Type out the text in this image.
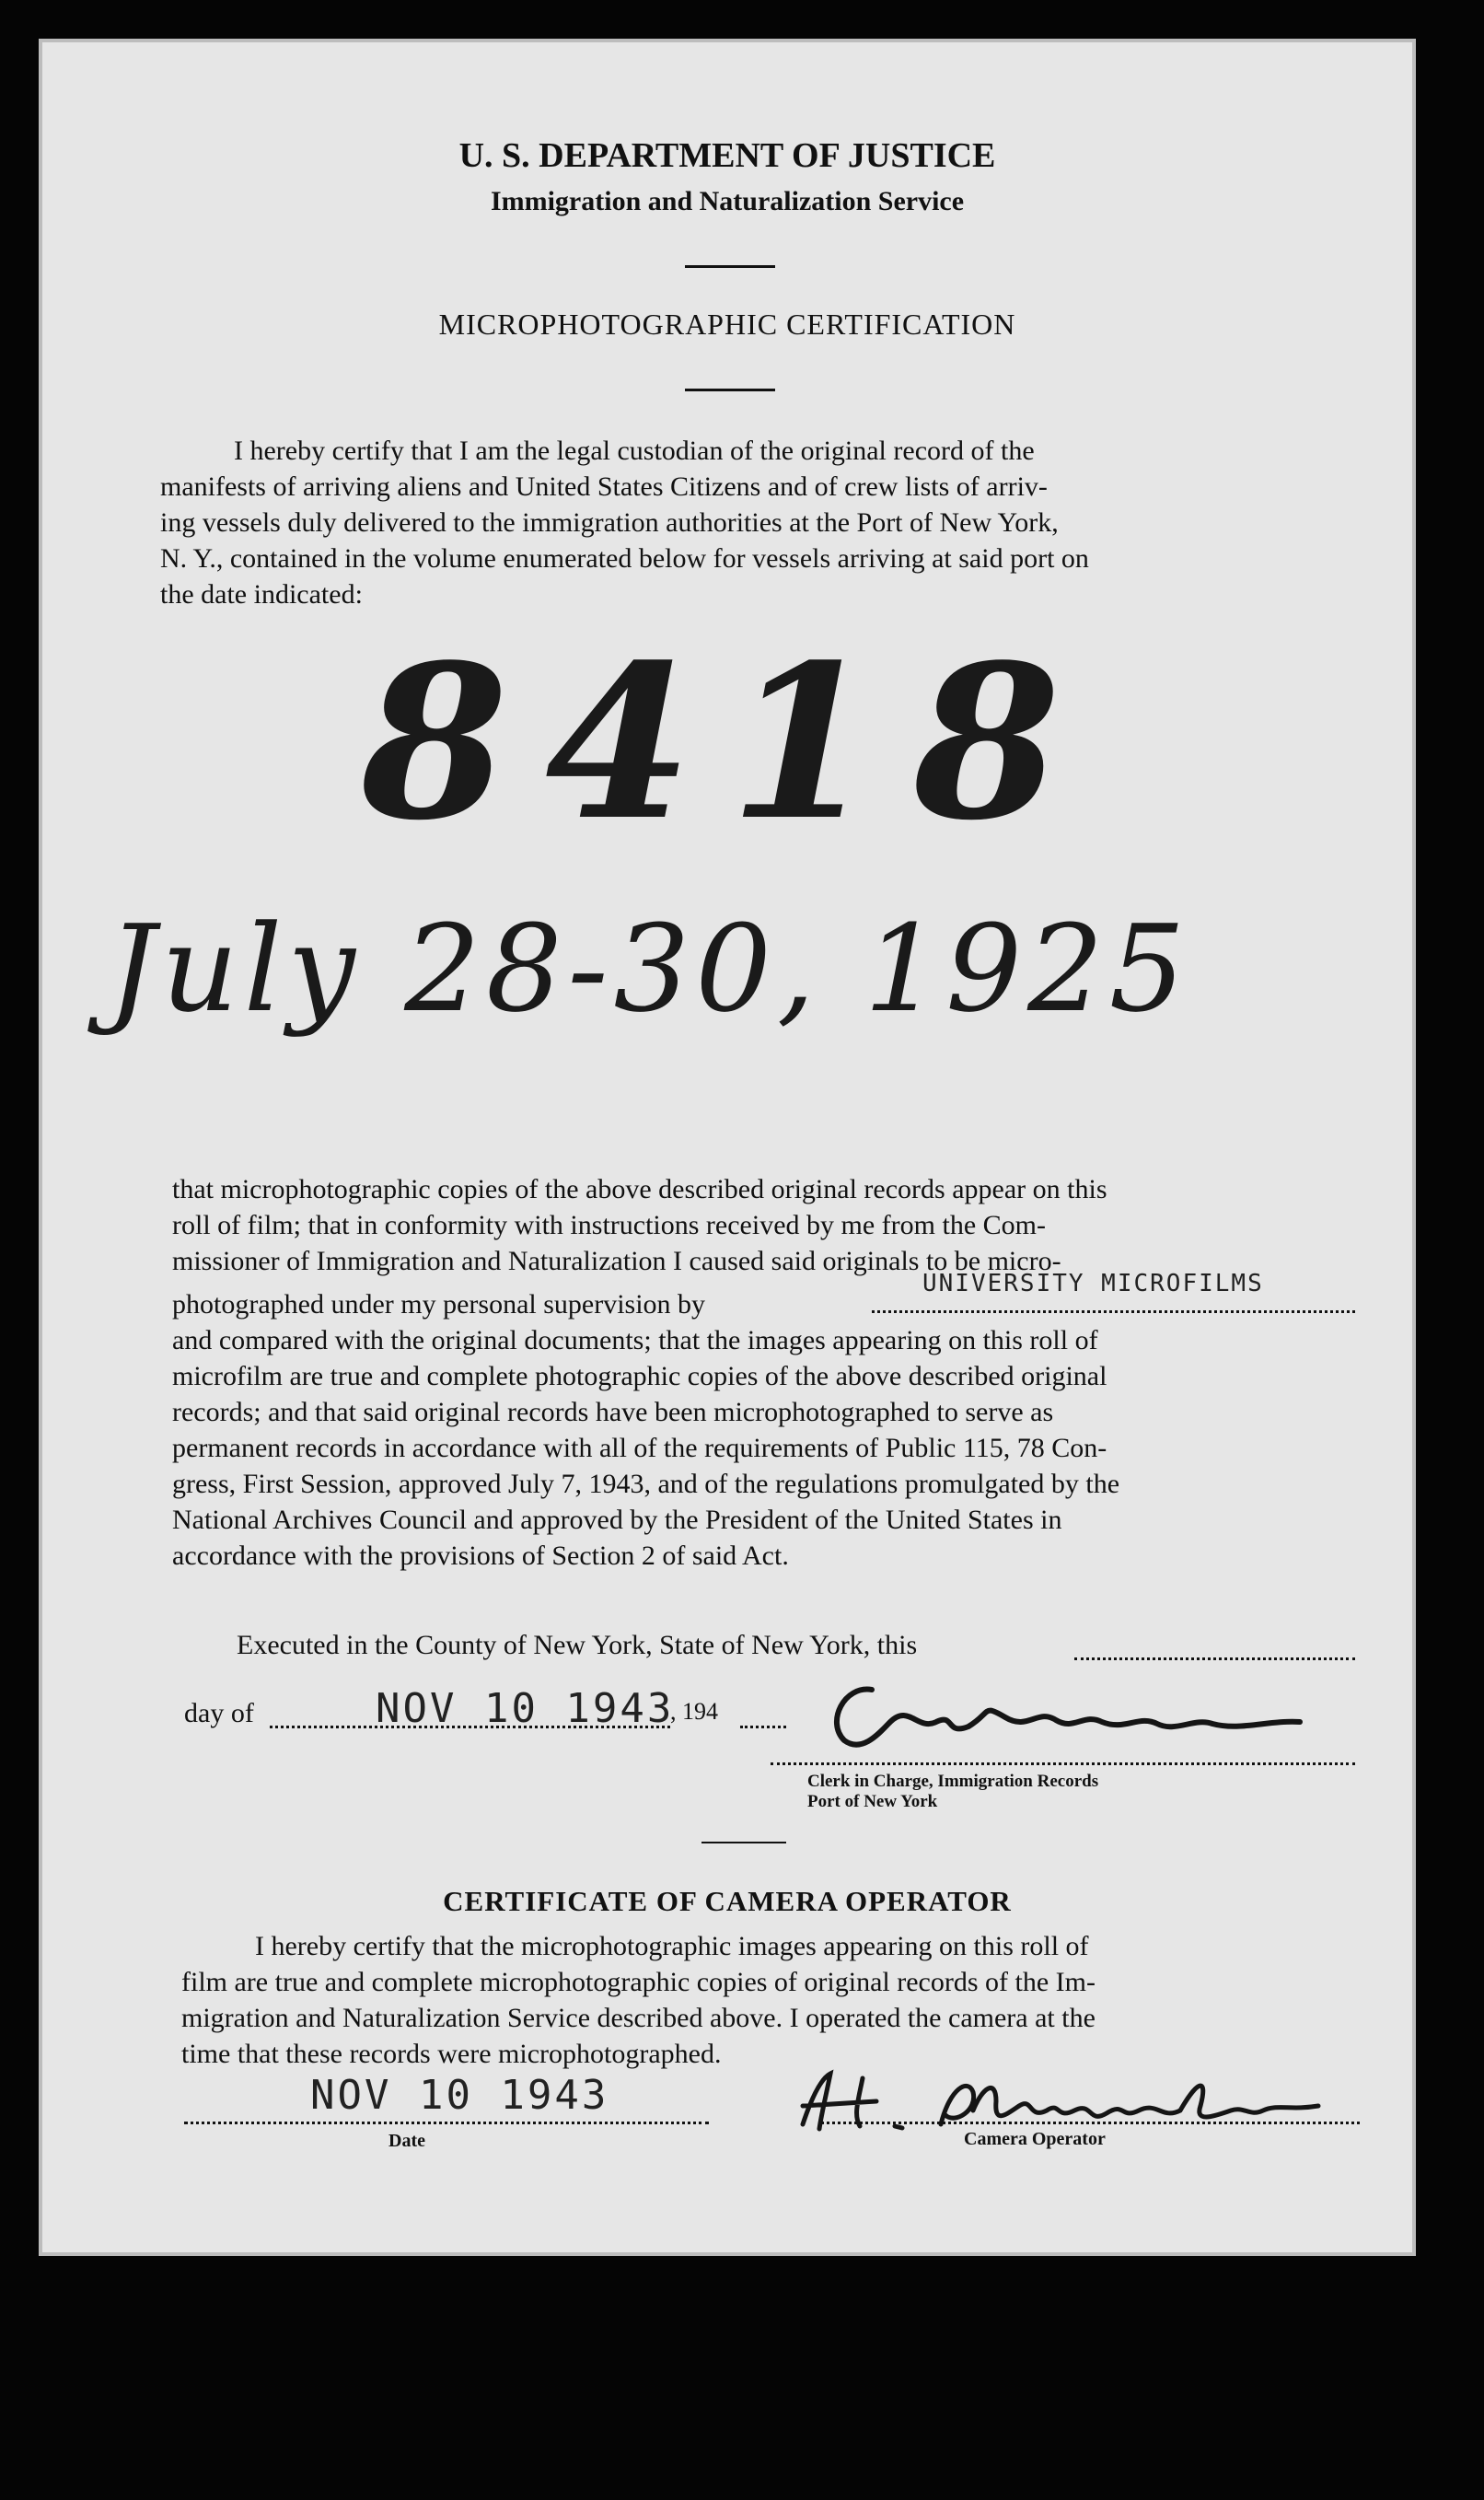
U. S. DEPARTMENT OF JUSTICE
Immigration and Naturalization Service
MICROPHOTOGRAPHIC CERTIFICATION

I hereby certify that I am the legal custodian of the original record of the

manifests of arriving aliens and United States Citizens and of crew lists of arriv-

ing vessels duly delivered to the immigration authorities at the Port of New York,

N. Y., contained in the volume enumerated below for vessels arriving at said port on

the date indicated:

8418
July 28-30, 1925

that microphotographic copies of the above described original records appear on this

roll of film; that in conformity with instructions received by me from the Com-

missioner of Immigration and Naturalization I caused said originals to be micro-

photographed under my personal supervision by
UNIVERSITY MICROFILMS

and compared with the original documents; that the images appearing on this roll of

microfilm are true and complete photographic copies of the above described original

records; and that said original records have been microphotographed to serve as

permanent records in accordance with all of the requirements of Public 115, 78 Con-

gress, First Session, approved July 7, 1943, and of the regulations promulgated by the

National Archives Council and approved by the President of the United States in

accordance with the provisions of Section 2 of said Act.

Executed in the County of New York, State of New York, this
day of	NOV 10 1943
, 194
Clerk in Charge, Immigration Records
Port of New York
CERTIFICATE OF CAMERA OPERATOR

I hereby certify that the microphotographic images appearing on this roll of

film are true and complete microphotographic copies of original records of the Im-

migration and Naturalization Service described above. I operated the camera at the

time that these records were microphotographed.

NOV 10 1943
Date	Camera Operator
